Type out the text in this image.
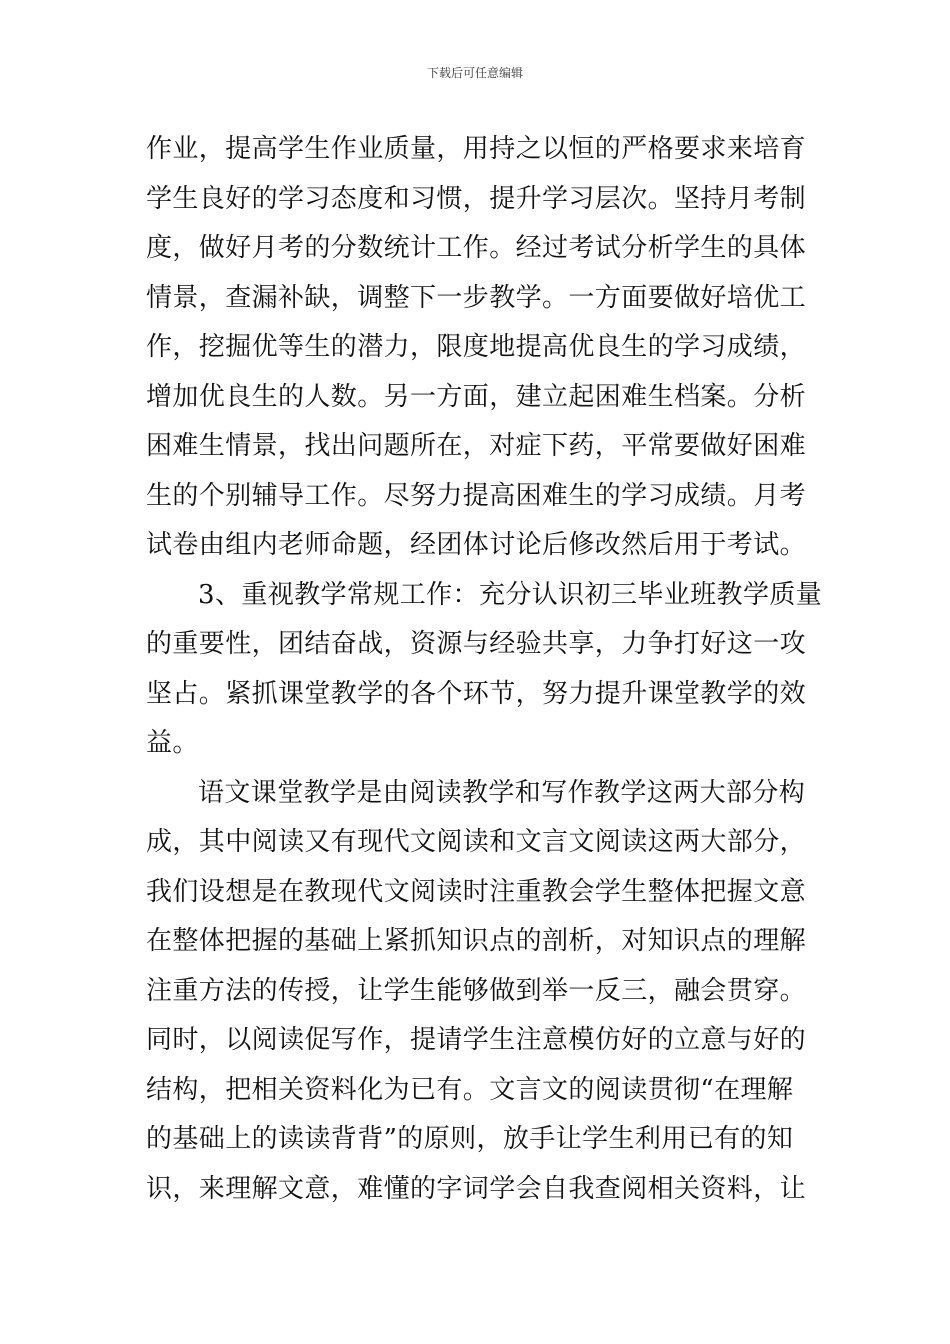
下载后可任意编辑
作业，提高学生作业质量，用持之以恒的严格要求来培育
学生良好的学习态度和习惯，提升学习层次。坚持月考制
度，做好月考的分数统计工作。经过考试分析学生的具体
情景，查漏补缺，调整下一步教学。一方面要做好培优工
作，挖掘优等生的潜力，限度地提高优良生的学习成绩，
增加优良生的人数。另一方面，建立起困难生档案。分析
困难生情景，找出问题所在，对症下药，平常要做好困难
生的个别辅导工作。尽努力提高困难生的学习成绩。月考
试卷由组内老师命题，经团体讨论后修改然后用于考试。
3、重视教学常规工作：充分认识初三毕业班教学质量
的重要性，团结奋战，资源与经验共享，力争打好这一攻
坚占。紧抓课堂教学的各个环节，努力提升课堂教学的效
益。
语文课堂教学是由阅读教学和写作教学这两大部分构
成，其中阅读又有现代文阅读和文言文阅读这两大部分，
我们设想是在教现代文阅读时注重教会学生整体把握文意
在整体把握的基础上紧抓知识点的剖析，对知识点的理解
注重方法的传授，让学生能够做到举一反三，融会贯穿。
同时，以阅读促写作，提请学生注意模仿好的立意与好的
结构，把相关资料化为已有。文言文的阅读贯彻“在理解
的基础上的读读背背”的原则，放手让学生利用已有的知
识，来理解文意，难懂的字词学会自我查阅相关资料，让
